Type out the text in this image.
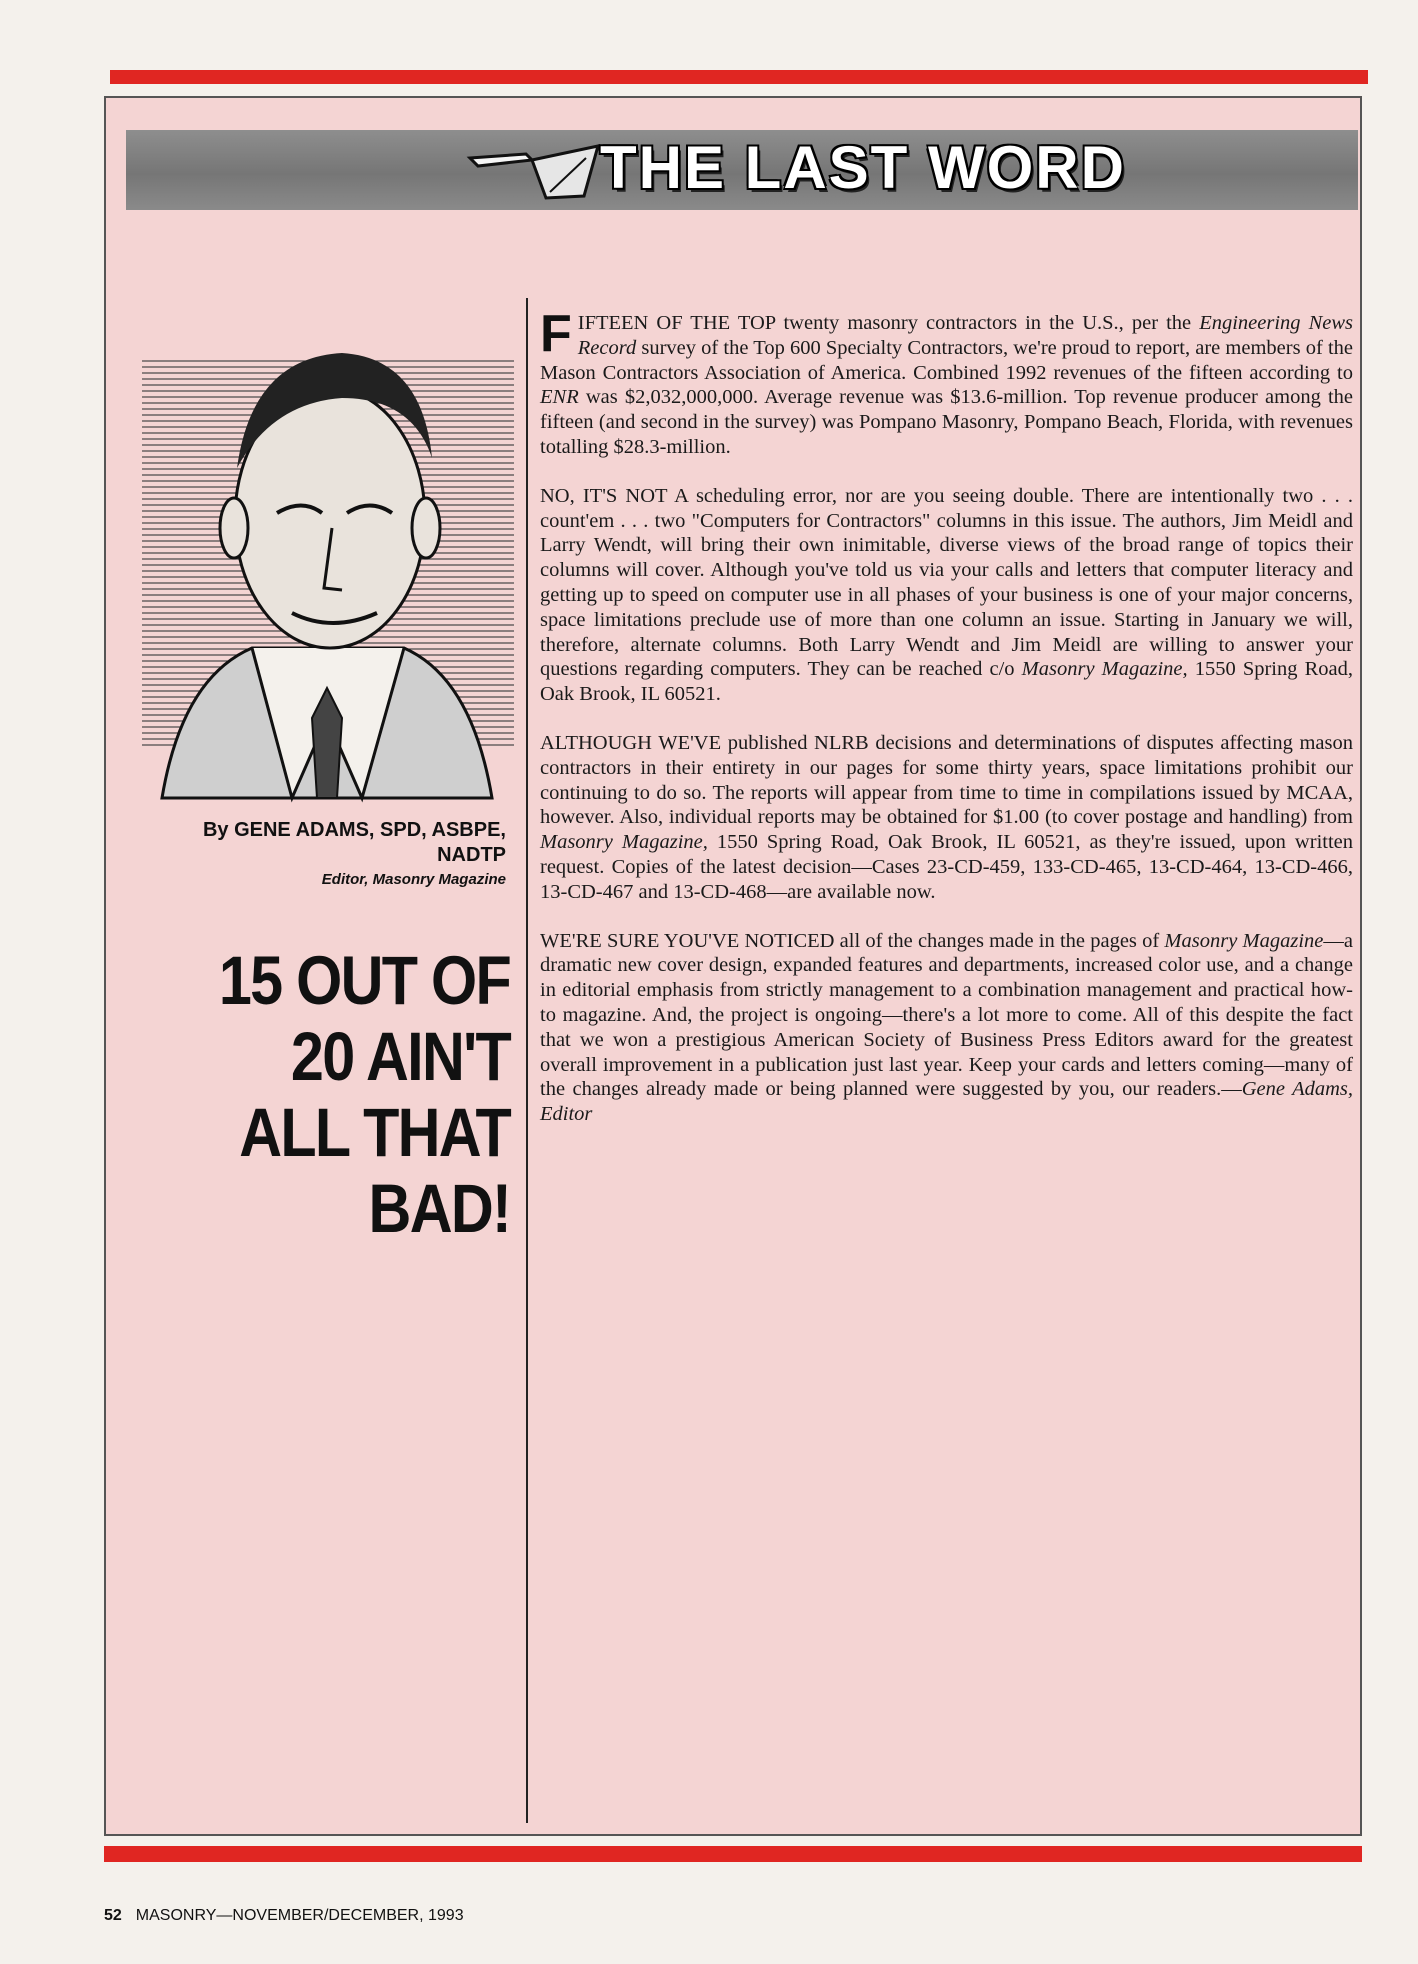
THE LAST WORD
By GENE ADAMS, SPD, ASBPE, NADTP
Editor, Masonry Magazine
15 OUT OF
20 AIN'T
ALL THAT
BAD!

FIFTEEN OF THE TOP twenty masonry contractors in the U.S., per the Engineering News Record survey of the Top 600 Specialty Contractors, we're proud to report, are members of the Mason Contractors Association of America. Combined 1992 revenues of the fifteen according to ENR was $2,032,000,000. Average revenue was $13.6-million. Top revenue producer among the fifteen (and second in the survey) was Pompano Masonry, Pompano Beach, Florida, with revenues totalling $28.3-million.

NO, IT'S NOT A scheduling error, nor are you seeing double. There are intentionally two . . . count'em . . . two "Computers for Contractors" columns in this issue. The authors, Jim Meidl and Larry Wendt, will bring their own inimitable, diverse views of the broad range of topics their columns will cover. Although you've told us via your calls and letters that computer literacy and getting up to speed on computer use in all phases of your business is one of your major concerns, space limitations preclude use of more than one column an issue. Starting in January we will, therefore, alternate columns. Both Larry Wendt and Jim Meidl are willing to answer your questions regarding computers. They can be reached c/o Masonry Magazine, 1550 Spring Road, Oak Brook, IL 60521.

ALTHOUGH WE'VE published NLRB decisions and determinations of disputes affecting mason contractors in their entirety in our pages for some thirty years, space limitations prohibit our continuing to do so. The reports will appear from time to time in compilations issued by MCAA, however. Also, individual reports may be obtained for $1.00 (to cover postage and handling) from Masonry Magazine, 1550 Spring Road, Oak Brook, IL 60521, as they're issued, upon written request. Copies of the latest decision—Cases 23-CD-459, 133-CD-465, 13-CD-464, 13-CD-466, 13-CD-467 and 13-CD-468—are available now.

WE'RE SURE YOU'VE NOTICED all of the changes made in the pages of Masonry Magazine—a dramatic new cover design, expanded features and departments, increased color use, and a change in editorial emphasis from strictly management to a combination management and practical how-to magazine. And, the project is ongoing—there's a lot more to come. All of this despite the fact that we won a prestigious American Society of Business Press Editors award for the greatest overall improvement in a publication just last year. Keep your cards and letters coming—many of the changes already made or being planned were suggested by you, our readers.—Gene Adams, Editor

52 MASONRY—NOVEMBER/DECEMBER, 1993
